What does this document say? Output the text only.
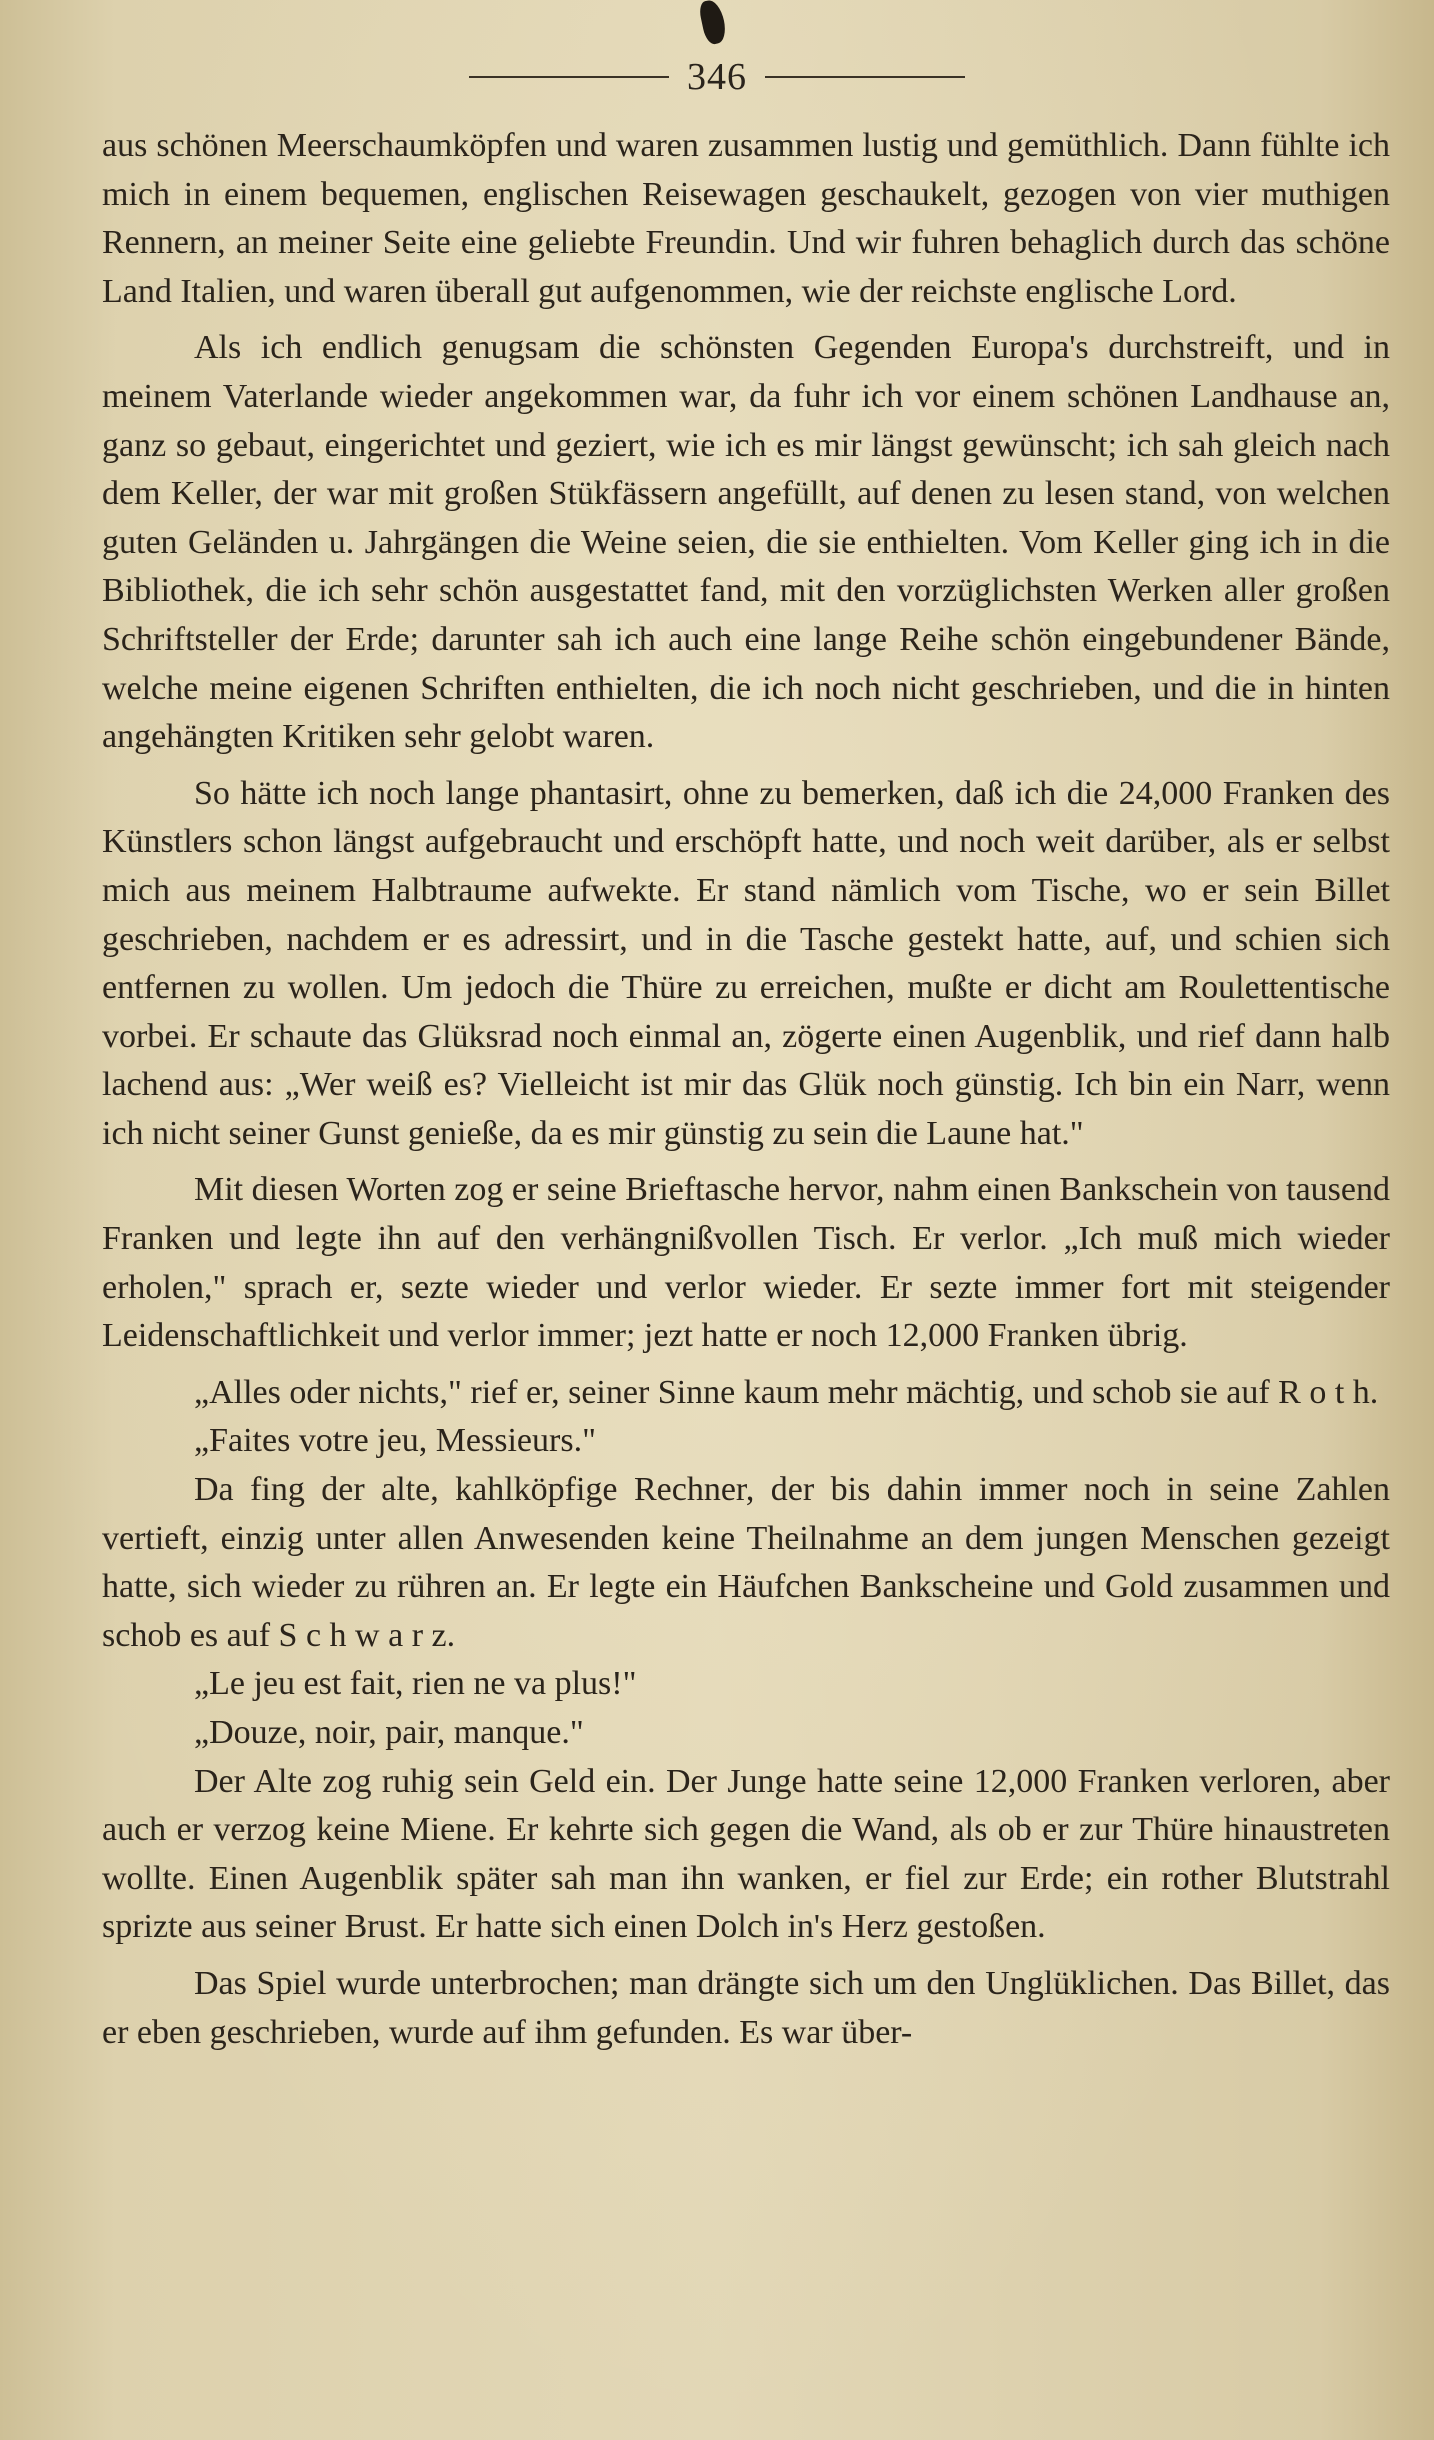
346

aus schönen Meerschaumköpfen und waren zusammen lustig und gemüthlich. Dann fühlte ich mich in einem bequemen, englischen Reisewagen geschaukelt, gezogen von vier muthigen Rennern, an meiner Seite eine geliebte Freundin. Und wir fuhren behaglich durch das schöne Land Italien, und waren überall gut aufgenommen, wie der reichste englische Lord.

Als ich endlich genugsam die schönsten Gegenden Europa's durchstreift, und in meinem Vaterlande wieder angekommen war, da fuhr ich vor einem schönen Landhause an, ganz so gebaut, eingerichtet und geziert, wie ich es mir längst gewünscht; ich sah gleich nach dem Keller, der war mit großen Stükfässern angefüllt, auf denen zu lesen stand, von welchen guten Geländen u. Jahrgängen die Weine seien, die sie enthielten. Vom Keller ging ich in die Bibliothek, die ich sehr schön ausgestattet fand, mit den vorzüglichsten Werken aller großen Schriftsteller der Erde; darunter sah ich auch eine lange Reihe schön eingebundener Bände, welche meine eigenen Schriften enthielten, die ich noch nicht geschrieben, und die in hinten angehängten Kritiken sehr gelobt waren.

So hätte ich noch lange phantasirt, ohne zu bemerken, daß ich die 24,000 Franken des Künstlers schon längst aufgebraucht und erschöpft hatte, und noch weit darüber, als er selbst mich aus meinem Halbtraume aufwekte. Er stand nämlich vom Tische, wo er sein Billet geschrieben, nachdem er es adressirt, und in die Tasche gestekt hatte, auf, und schien sich entfernen zu wollen. Um jedoch die Thüre zu erreichen, mußte er dicht am Roulettentische vorbei. Er schaute das Glüksrad noch einmal an, zögerte einen Augenblik, und rief dann halb lachend aus: „Wer weiß es? Vielleicht ist mir das Glük noch günstig. Ich bin ein Narr, wenn ich nicht seiner Gunst genieße, da es mir günstig zu sein die Laune hat."

Mit diesen Worten zog er seine Brieftasche hervor, nahm einen Bankschein von tausend Franken und legte ihn auf den verhängnißvollen Tisch. Er verlor. „Ich muß mich wieder erholen," sprach er, sezte wieder und verlor wieder. Er sezte immer fort mit steigender Leidenschaftlichkeit und verlor immer; jezt hatte er noch 12,000 Franken übrig.

„Alles oder nichts," rief er, seiner Sinne kaum mehr mächtig, und schob sie auf R o t h.

„Faites votre jeu, Messieurs."

Da fing der alte, kahlköpfige Rechner, der bis dahin immer noch in seine Zahlen vertieft, einzig unter allen Anwesenden keine Theilnahme an dem jungen Menschen gezeigt hatte, sich wieder zu rühren an. Er legte ein Häufchen Bankscheine und Gold zusammen und schob es auf S c h w a r z.

„Le jeu est fait, rien ne va plus!"

„Douze, noir, pair, manque."

Der Alte zog ruhig sein Geld ein. Der Junge hatte seine 12,000 Franken verloren, aber auch er verzog keine Miene. Er kehrte sich gegen die Wand, als ob er zur Thüre hinaustreten wollte. Einen Augenblik später sah man ihn wanken, er fiel zur Erde; ein rother Blutstrahl sprizte aus seiner Brust. Er hatte sich einen Dolch in's Herz gestoßen.

Das Spiel wurde unterbrochen; man drängte sich um den Unglüklichen. Das Billet, das er eben geschrieben, wurde auf ihm gefunden. Es war über-
